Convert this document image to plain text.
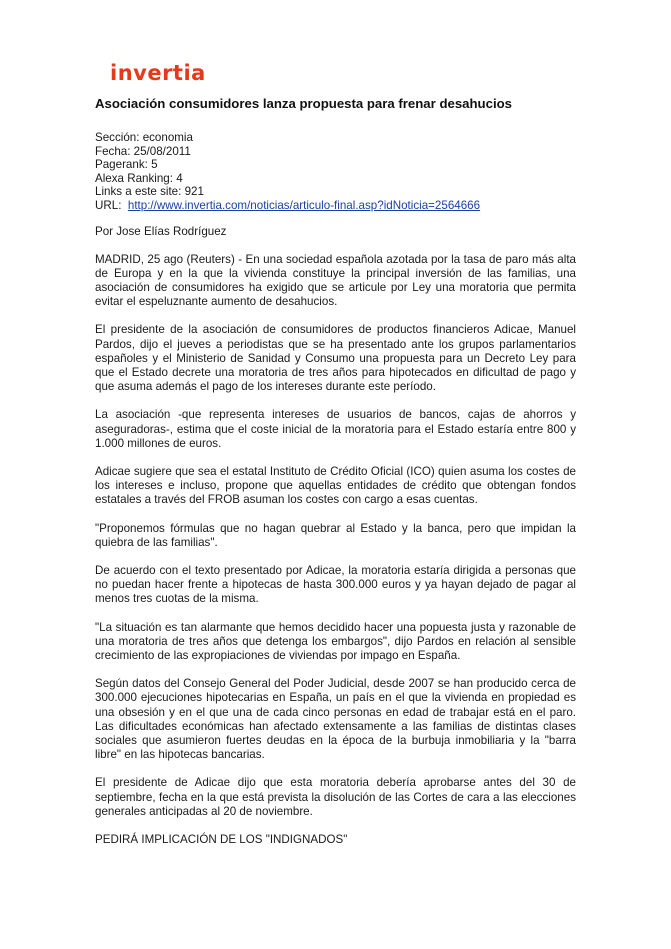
invertia
Asociación consumidores lanza propuesta para frenar desahucios
Sección: economia
Fecha: 25/08/2011
Pagerank: 5
Alexa Ranking: 4
Links a este site: 921
URL: http://www.invertia.com/noticias/articulo-final.asp?idNoticia=2564666
Por Jose Elías Rodríguez

MADRID, 25 ago (Reuters) - En una sociedad española azotada por la tasa de paro más alta de Europa y en la que la vivienda constituye la principal inversión de las familias, una asociación de consumidores ha exigido que se articule por Ley una moratoria que permita evitar el espeluznante aumento de desahucios.

El presidente de la asociación de consumidores de productos financieros Adicae, Manuel Pardos, dijo el jueves a periodistas que se ha presentado ante los grupos parlamentarios españoles y el Ministerio de Sanidad y Consumo una propuesta para un Decreto Ley para que el Estado decrete una moratoria de tres años para hipotecados en dificultad de pago y que asuma además el pago de los intereses durante este período.

La asociación -que representa intereses de usuarios de bancos, cajas de ahorros y aseguradoras-, estima que el coste inicial de la moratoria para el Estado estaría entre 800 y 1.000 millones de euros.

Adicae sugiere que sea el estatal Instituto de Crédito Oficial (ICO) quien asuma los costes de los intereses e incluso, propone que aquellas entidades de crédito que obtengan fondos estatales a través del FROB asuman los costes con cargo a esas cuentas.

"Proponemos fórmulas que no hagan quebrar al Estado y la banca, pero que impidan la quiebra de las familias".

De acuerdo con el texto presentado por Adicae, la moratoria estaría dirigida a personas que no puedan hacer frente a hipotecas de hasta 300.000 euros y ya hayan dejado de pagar al menos tres cuotas de la misma.

"La situación es tan alarmante que hemos decidido hacer una popuesta justa y razonable de una moratoria de tres años que detenga los embargos", dijo Pardos en relación al sensible crecimiento de las expropiaciones de viviendas por impago en España.

Según datos del Consejo General del Poder Judicial, desde 2007 se han producido cerca de 300.000 ejecuciones hipotecarias en España, un país en el que la vivienda en propiedad es una obsesión y en el que una de cada cinco personas en edad de trabajar está en el paro. Las dificultades económicas han afectado extensamente a las familias de distintas clases sociales que asumieron fuertes deudas en la época de la burbuja inmobiliaria y la "barra libre" en las hipotecas bancarias.

El presidente de Adicae dijo que esta moratoria debería aprobarse antes del 30 de septiembre, fecha en la que está prevista la disolución de las Cortes de cara a las elecciones generales anticipadas al 20 de noviembre.

PEDIRÁ IMPLICACIÓN DE LOS "INDIGNADOS"
